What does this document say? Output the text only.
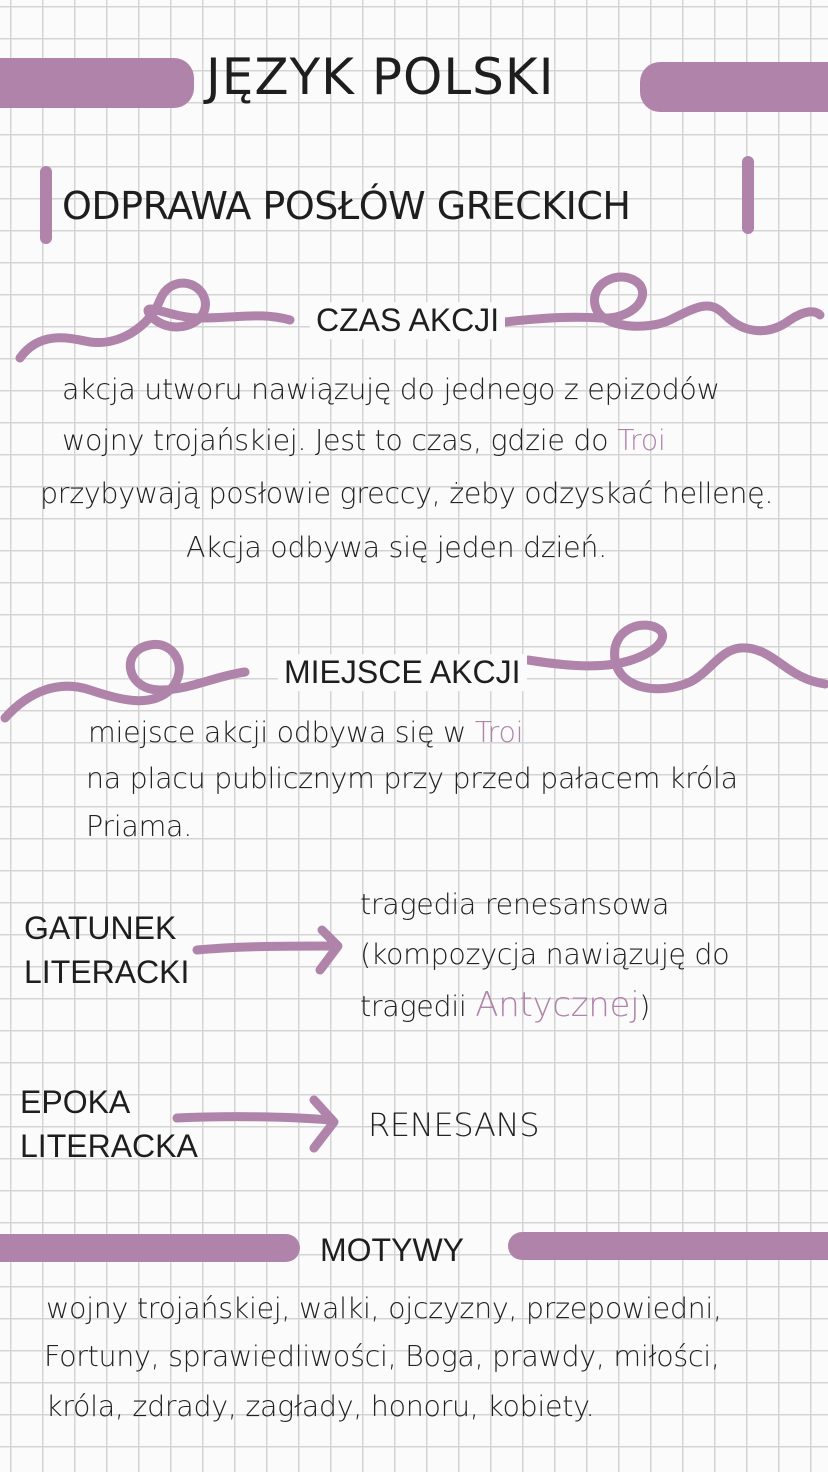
JĘZYK POLSKI
ODPRAWA POSŁÓW GRECKICH
CZAS AKCJI
akcja utworu nawiązuję do jednego z epizodów
wojny trojańskiej. Jest to czas, gdzie do Troi
przybywają posłowie greccy, żeby odzyskać hellenę.
Akcja odbywa się jeden dzień.
MIEJSCE AKCJI
miejsce akcji odbywa się w Troi
na placu publicznym przy przed pałacem króla
Priama.
GATUNEK
LITERACKI
tragedia renesansowa
(kompozycja nawiązuję do
tragedii Antycznej)
EPOKA
LITERACKA
RENESANS
MOTYWY
wojny trojańskiej, walki, ojczyzny, przepowiedni,
Fortuny, sprawiedliwości, Boga, prawdy, miłości,
króla, zdrady, zagłady, honoru, kobiety.
